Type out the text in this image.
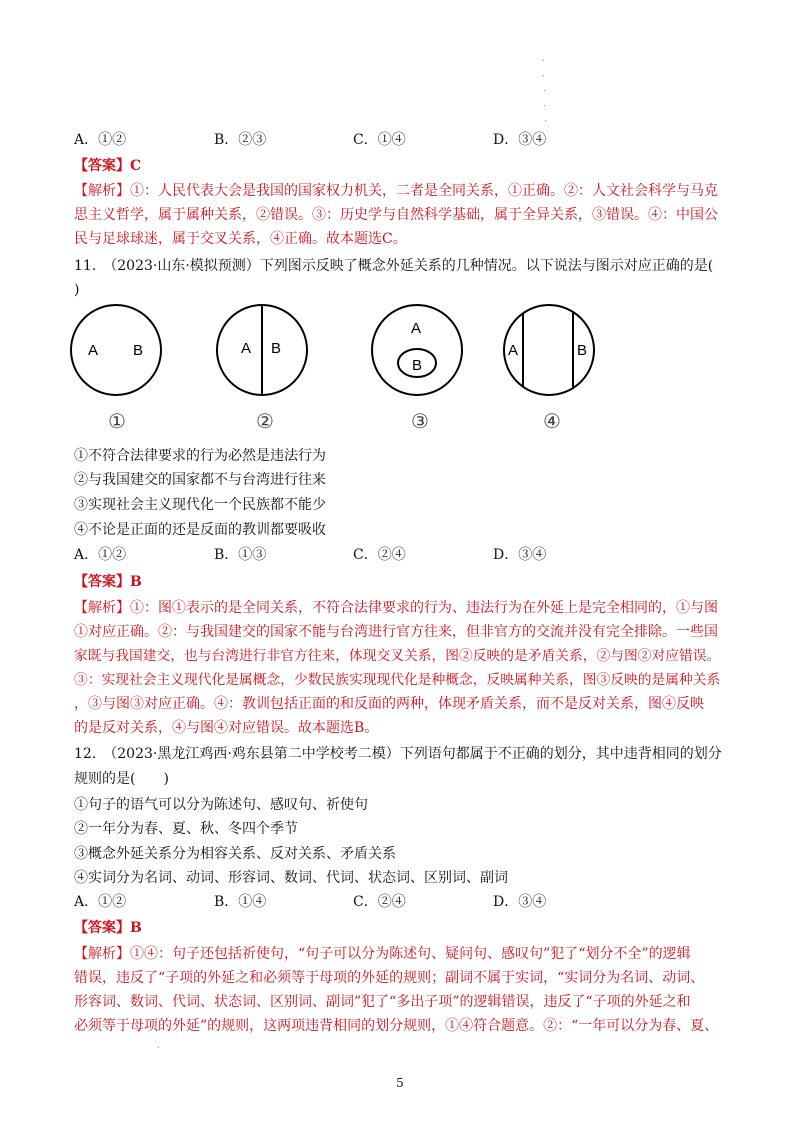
A．①②	B．②③	C．①④	D．③④
【答案】C
【解析】①：人民代表大会是我国的国家权力机关，二者是全同关系，①正确。②：人文社会科学与马克
思主义哲学，属于属种关系，②错误。③：历史学与自然科学基础，属于全异关系，③错误。④：中国公
民与足球球迷，属于交叉关系，④正确。故本题选C。
11.　（2023·山东·模拟预测）下列图示反映了概念外延关系的几种情况。以下说法与图示对应正确的是(
)
A B
①
A B
②
A
B
③
A	B
④
①不符合法律要求的行为必然是违法行为
②与我国建交的国家都不与台湾进行往来
③实现社会主义现代化一个民族都不能少
④不论是正面的还是反面的教训都要吸收
A．①②	B．①③	C．②④	D．③④
【答案】B
【解析】①：图①表示的是全同关系，不符合法律要求的行为、违法行为在外延上是完全相同的，①与图
①对应正确。②：与我国建交的国家不能与台湾进行官方往来，但非官方的交流并没有完全排除。一些国
家既与我国建交，也与台湾进行非官方往来，体现交叉关系，图②反映的是矛盾关系，②与图②对应错误。
③：实现社会主义现代化是属概念，少数民族实现现代化是种概念，反映属种关系，图③反映的是属种关系
，③与图③对应正确。④：教训包括正面的和反面的两种，体现矛盾关系，而不是反对关系，图④反映
的是反对关系，④与图④对应错误。故本题选B。
12.　（2023·黑龙江鸡西·鸡东县第二中学校考二模）下列语句都属于不正确的划分，其中违背相同的划分
规则的是(　　)
①句子的语气可以分为陈述句、感叹句、祈使句
②一年分为春、夏、秋、冬四个季节
③概念外延关系分为相容关系、反对关系、矛盾关系
④实词分为名词、动词、形容词、数词、代词、状态词、区别词、副词
A．①②	B．①④	C．②④	D．③④
【答案】B
【解析】①④：句子还包括祈使句，“句子可以分为陈述句、疑问句、感叹句”犯了“划分不全”的逻辑
错误，违反了“子项的外延之和必须等于母项的外延的规则；副词不属于实词，“实词分为名词、动词、
形容词、数词、代词、状态词、区别词、副词”犯了“多出子项”的逻辑错误，违反了“子项的外延之和
必须等于母项的外延”的规则，这两项违背相同的划分规则，①④符合题意。②：“一年可以分为春、夏、
5
